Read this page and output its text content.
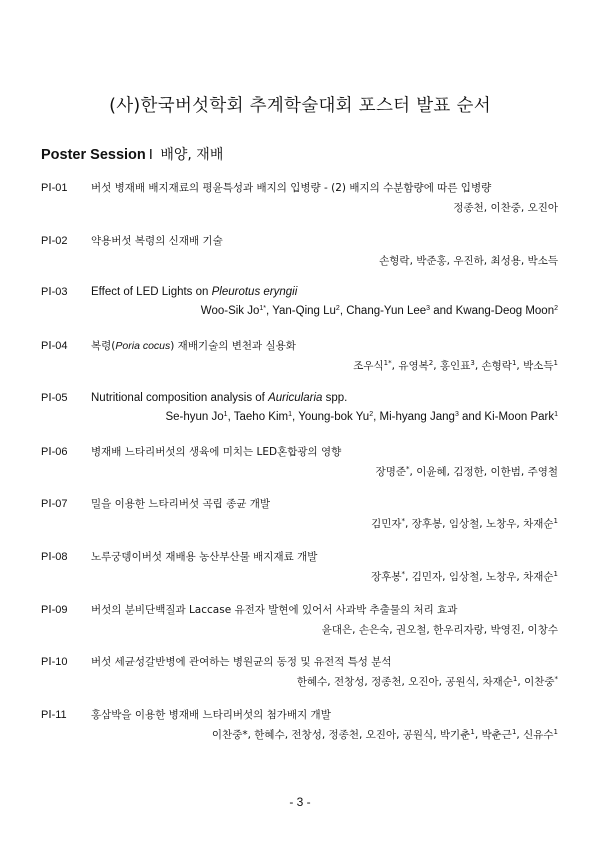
(사)한국버섯학회 추계학술대회 포스터 발표 순서
Poster Session Ⅰ 배양, 재배
PⅠ-01 버섯 병재배 배지재료의 평윤특성과 배지의 입병량 - (2) 배지의 수분함량에 따른 입병량
정종천, 이찬중, 오진아
PⅠ-02 약용버섯 복령의 신재배 기술
손형락, 박준홍, 우진하, 최성용, 박소득
PⅠ-03 Effect of LED Lights on Pleurotus eryngii
Woo-Sik $Jo^{1*}$, Yan-Qing Lu$^2$, Chang-Yun Lee$^3$ and Kwang-Deog Moon$^2$
PⅠ-04 복령(Poria cocus) 재배기술의 변천과 실용화
조우식$^{1*}$, 유영복$^2$, 홍인표$^3$, 손형락$^1$, 박소득$^1$
PⅠ-05 Nutritional composition analysis of Auricularia spp.
Se-hyun Jo$^1$, Taeho Kim$^1$, Young-bok Yu$^2$, Mi-hyang Jang$^3$ and Ki-Moon Park$^1$
PⅠ-06 병재배 느타리버섯의 생육에 미치는 LED혼합광의 영향
장명준*, 이윤혜, 김정한, 이한범, 주영철
PⅠ-07 밀을 이용한 느타리버섯 곡립 종균 개발
김민자*, 장후봉, 임상철, 노창우, 차재순$^1$
PⅠ-08 노루궁뎅이버섯 재배용 농산부산물 배지재료 개발
장후봉*, 김민자, 임상철, 노창우, 차재순$^1$
PⅠ-09 버섯의 분비단백질과 Laccase 유전자 발현에 있어서 사과박 추출물의 처리 효과
윤대은, 손은숙, 권오철, 한우리자랑, 박영진, 이창수
PⅠ-10 버섯 세균성갈반병에 관여하는 병원균의 동정 및 유전적 특성 분석
한혜수, 전창성, 정종천, 오진아, 공원식, 차재순$^1$, 이찬중*
PⅠ-11 홍삼박을 이용한 병재배 느타리버섯의 첨가배지 개발
이찬중*, 한혜수, 전창성, 정종천, 오진아, 공원식, 박기춘$^1$, 박춘근$^1$, 신유수$^1$
- 3 -
